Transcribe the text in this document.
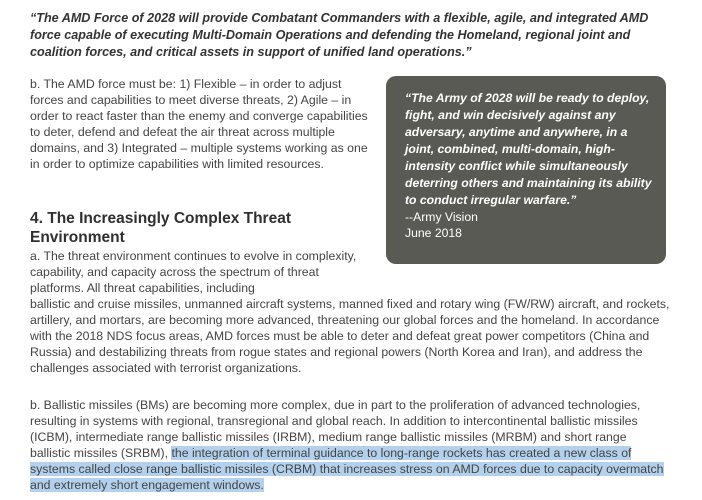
“The AMD Force of 2028 will provide Combatant Commanders with a flexible, agile, and integrated AMD force capable of executing Multi-Domain Operations and defending the Homeland, regional joint and coalition forces, and critical assets in support of unified land operations.”
b. The AMD force must be: 1) Flexible – in order to adjust forces and capabilities to meet diverse threats, 2) Agile – in order to react faster than the enemy and converge capabilities to deter, defend and defeat the air threat across multiple domains, and 3) Integrated – multiple systems working as one in order to optimize capabilities with limited resources.
4. The Increasingly Complex Threat Environment
a. The threat environment continues to evolve in complexity, capability, and capacity across the spectrum of threat platforms. All threat capabilities, including
ballistic and cruise missiles, unmanned aircraft systems, manned fixed and rotary wing (FW/RW) aircraft, and rockets, artillery, and mortars, are becoming more advanced, threatening our global forces and the homeland. In accordance with the 2018 NDS focus areas, AMD forces must be able to deter and defeat great power competitors (China and Russia) and destabilizing threats from rogue states and regional powers (North Korea and Iran), and address the challenges associated with terrorist organizations.
b. Ballistic missiles (BMs) are becoming more complex, due in part to the proliferation of advanced technologies, resulting in systems with regional, transregional and global reach. In addition to intercontinental ballistic missiles (ICBM), intermediate range ballistic missiles (IRBM), medium range ballistic missiles (MRBM) and short range ballistic missiles (SRBM), the integration of terminal guidance to long-range rockets has created a new class of systems called close range ballistic missiles (CRBM) that increases stress on AMD forces due to capacity overmatch and extremely short engagement windows.
“The Army of 2028 will be ready to deploy, fight, and win decisively against any adversary, anytime and anywhere, in a joint, combined, multi-domain, high-intensity conflict while simultaneously deterring others and maintaining its ability to conduct irregular warfare.”
--Army Vision
June 2018
